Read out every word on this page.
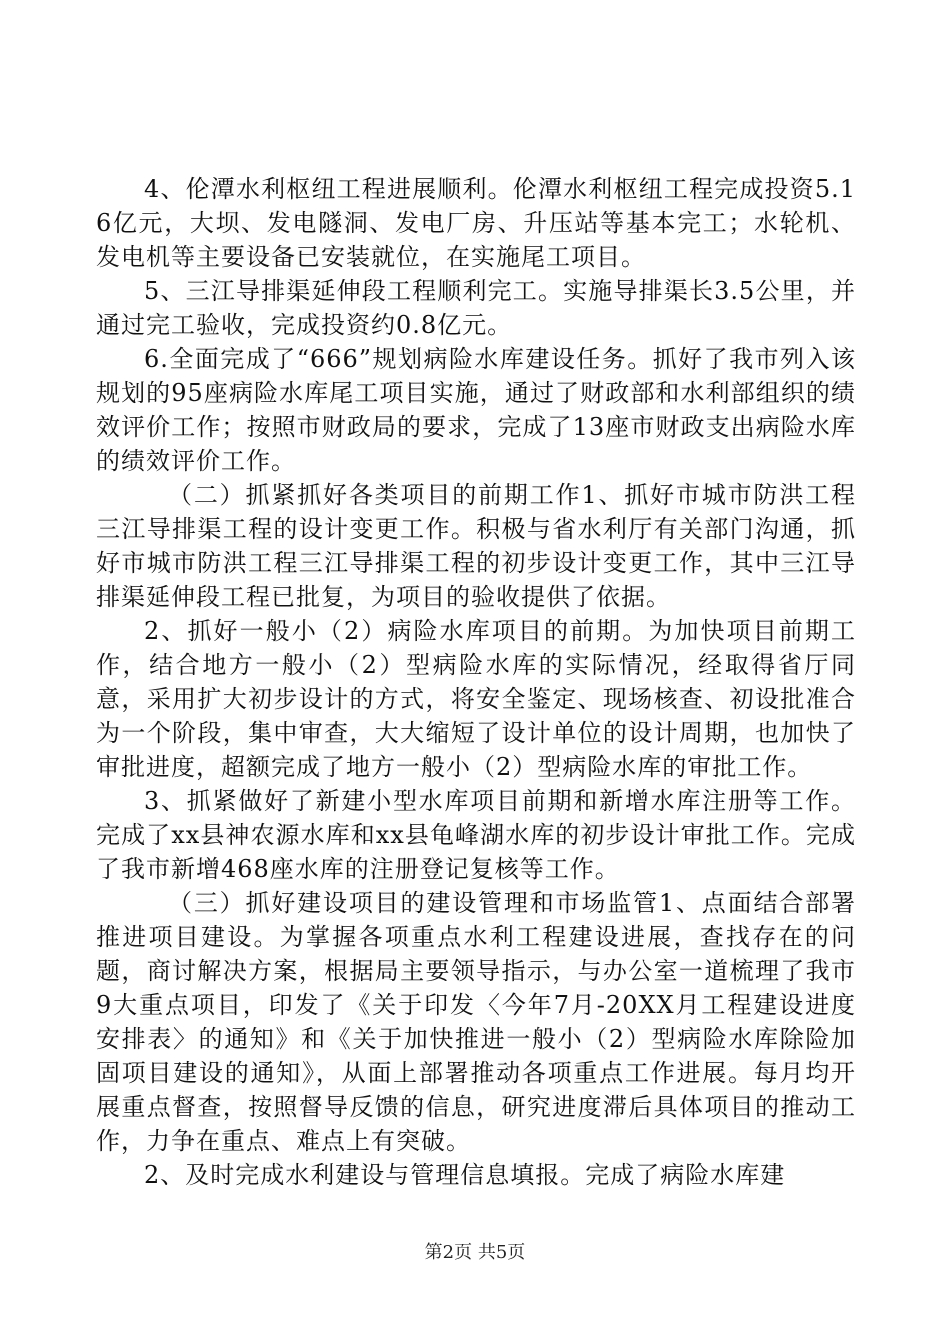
4、伦潭水利枢纽工程进展顺利。伦潭水利枢纽工程完成投资5.16亿元，大坝、发电隧洞、发电厂房、升压站等基本完工；水轮机、发电机等主要设备已安装就位，在实施尾工项目。

5、三江导排渠延伸段工程顺利完工。实施导排渠长3.5公里，并通过完工验收，完成投资约0.8亿元。

6.全面完成了“666”规划病险水库建设任务。抓好了我市列入该规划的95座病险水库尾工项目实施，通过了财政部和水利部组织的绩效评价工作；按照市财政局的要求，完成了13座市财政支出病险水库的绩效评价工作。

（二）抓紧抓好各类项目的前期工作1、抓好市城市防洪工程三江导排渠工程的设计变更工作。积极与省水利厅有关部门沟通，抓好市城市防洪工程三江导排渠工程的初步设计变更工作，其中三江导排渠延伸段工程已批复，为项目的验收提供了依据。

2、抓好一般小（2）病险水库项目的前期。为加快项目前期工作，结合地方一般小（2）型病险水库的实际情况，经取得省厅同意，采用扩大初步设计的方式，将安全鉴定、现场核查、初设批准合为一个阶段，集中审查，大大缩短了设计单位的设计周期，也加快了审批进度，超额完成了地方一般小（2）型病险水库的审批工作。

3、抓紧做好了新建小型水库项目前期和新增水库注册等工作。完成了xx县神农源水库和xx县龟峰湖水库的初步设计审批工作。完成了我市新增468座水库的注册登记复核等工作。

（三）抓好建设项目的建设管理和市场监管1、点面结合部署推进项目建设。为掌握各项重点水利工程建设进展，查找存在的问题，商讨解决方案，根据局主要领导指示，与办公室一道梳理了我市9大重点项目，印发了《关于印发〈今年7月-20XX月工程建设进度安排表〉的通知》和《关于加快推进一般小（2）型病险水库除险加固项目建设的通知》，从面上部署推动各项重点工作进展。每月均开展重点督查，按照督导反馈的信息，研究进度滞后具体项目的推动工作，力争在重点、难点上有突破。

2、及时完成水利建设与管理信息填报。完成了病险水库建

第2页 共5页
